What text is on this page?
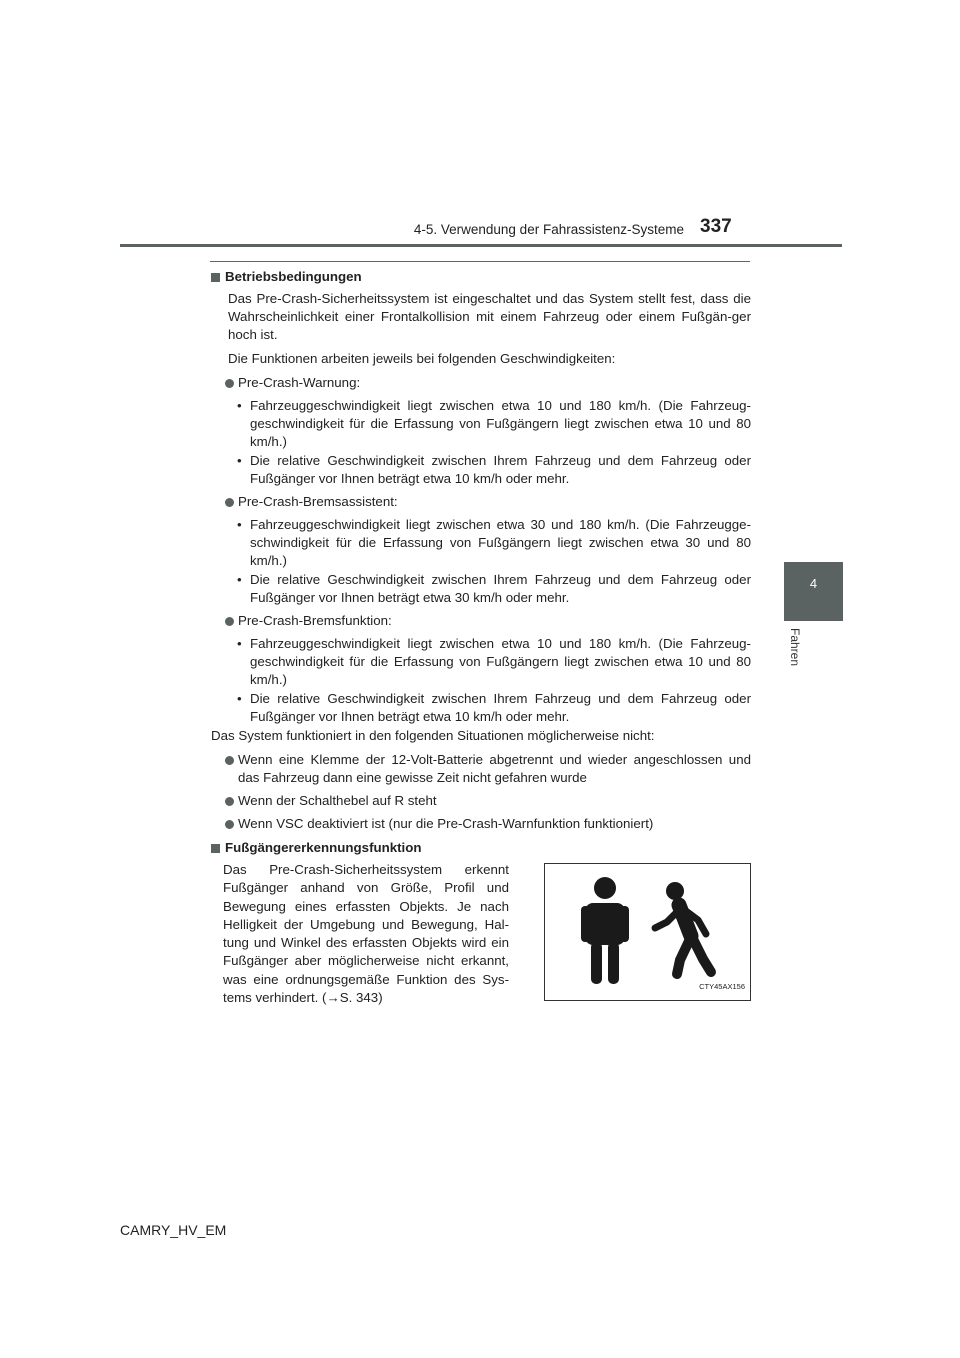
4-5. Verwendung der Fahrassistenz-Systeme 337
4
Fahren
Betriebsbedingungen
Das Pre-Crash-Sicherheitssystem ist eingeschaltet und das System stellt fest, dass die Wahrscheinlichkeit einer Frontalkollision mit einem Fahrzeug oder einem Fußgän-ger hoch ist.
Die Funktionen arbeiten jeweils bei folgenden Geschwindigkeiten:
Pre-Crash-Warnung:
• Fahrzeuggeschwindigkeit liegt zwischen etwa 10 und 180 km/h. (Die Fahrzeug-geschwindigkeit für die Erfassung von Fußgängern liegt zwischen etwa 10 und 80 km/h.)
• Die relative Geschwindigkeit zwischen Ihrem Fahrzeug und dem Fahrzeug oder Fußgänger vor Ihnen beträgt etwa 10 km/h oder mehr.
Pre-Crash-Bremsassistent:
• Fahrzeuggeschwindigkeit liegt zwischen etwa 30 und 180 km/h. (Die Fahrzeugge-schwindigkeit für die Erfassung von Fußgängern liegt zwischen etwa 30 und 80 km/h.)
• Die relative Geschwindigkeit zwischen Ihrem Fahrzeug und dem Fahrzeug oder Fußgänger vor Ihnen beträgt etwa 30 km/h oder mehr.
Pre-Crash-Bremsfunktion:
• Fahrzeuggeschwindigkeit liegt zwischen etwa 10 und 180 km/h. (Die Fahrzeug-geschwindigkeit für die Erfassung von Fußgängern liegt zwischen etwa 10 und 80 km/h.)
• Die relative Geschwindigkeit zwischen Ihrem Fahrzeug und dem Fahrzeug oder Fußgänger vor Ihnen beträgt etwa 10 km/h oder mehr.
Das System funktioniert in den folgenden Situationen möglicherweise nicht:
Wenn eine Klemme der 12-Volt-Batterie abgetrennt und wieder angeschlossen und das Fahrzeug dann eine gewisse Zeit nicht gefahren wurde
Wenn der Schalthebel auf R steht
Wenn VSC deaktiviert ist (nur die Pre-Crash-Warnfunktion funktioniert)
Fußgängererkennungsfunktion
Das Pre-Crash-Sicherheitssystem erkennt Fußgänger anhand von Größe, Profil und Bewegung eines erfassten Objekts. Je nach Helligkeit der Umgebung und Bewegung, Hal-tung und Winkel des erfassten Objekts wird ein Fußgänger aber möglicherweise nicht erkannt, was eine ordnungsgemäße Funktion des Sys-tems verhindert. (→S. 343)
CTY45AX156
CAMRY_HV_EM
